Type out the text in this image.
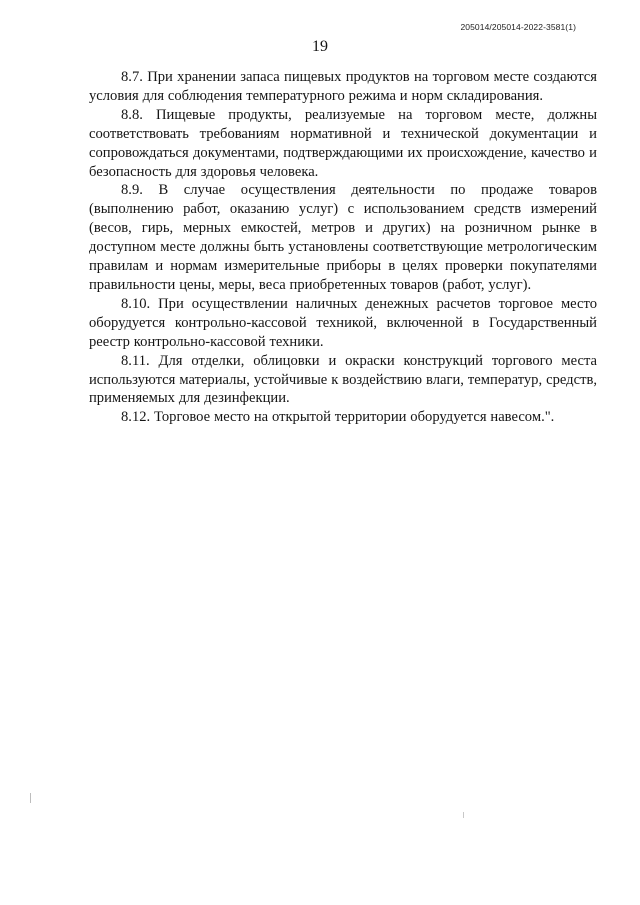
205014/205014-2022-3581(1)
19

8.7. При хранении запаса пищевых продуктов на торговом месте создаются условия для соблюдения температурного режима и норм складирования.

8.8. Пищевые продукты, реализуемые на торговом месте, должны соответствовать требованиям нормативной и технической документации и сопровождаться документами, подтверждающими их происхождение, качество и безопасность для здоровья человека.

8.9. В случае осуществления деятельности по продаже товаров (выполнению работ, оказанию услуг) с использованием средств измерений (весов, гирь, мерных емкостей, метров и других) на розничном рынке в доступном месте должны быть установлены соответствующие метрологическим правилам и нормам измерительные приборы в целях проверки покупателями правильности цены, меры, веса приобретенных товаров (работ, услуг).

8.10. При осуществлении наличных денежных расчетов торговое место оборудуется контрольно-кассовой техникой, включенной в Государственный реестр контрольно-кассовой техники.

8.11. Для отделки, облицовки и окраски конструкций торгового места используются материалы, устойчивые к воздействию влаги, температур, средств, применяемых для дезинфекции.

8.12. Торговое место на открытой территории оборудуется навесом.".
